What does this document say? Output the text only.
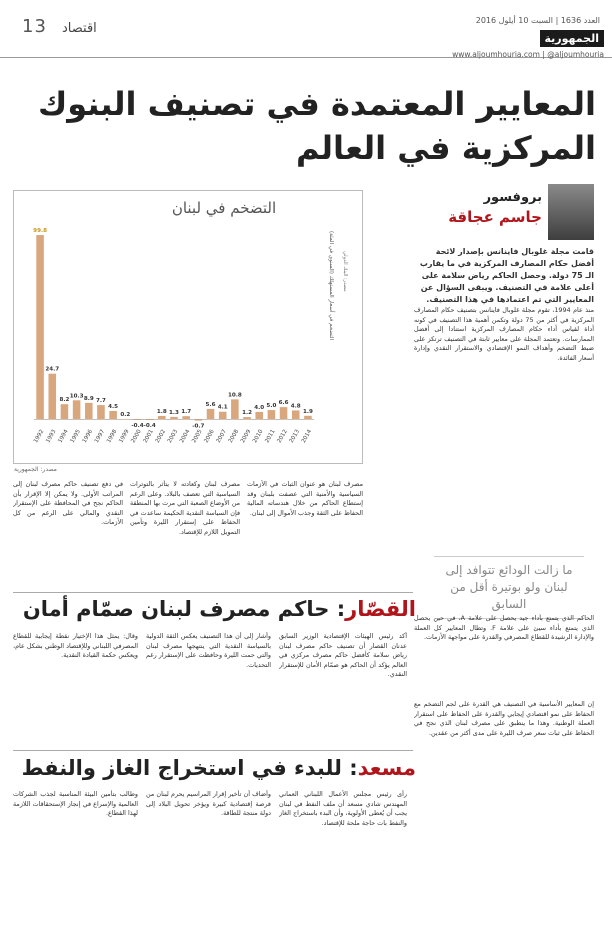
13 اقتصاد
العدد 1636 | السبت 10 أيلول 2016 الجمهورية
www.aljoumhouria.com | @aljoumhouria
المعايير المعتمدة في تصنيف البنوك المركزية في العالم
بروفسور
جاسم عجاقة

قامت مجلة غلوبال فاينانس بإصدار لائحة أفضل حكام المصارف المركزية في ما يقارب الـ 75 دولة. وحصل الحاكم رياض سلامة على أعلى علامة في التصنيف. ويبقى السؤال عن المعايير التي تم اعتمادها في هذا التصنيف.

منذ عام 1994، تقوم مجلة غلوبال فاينانس بتصنيف حكام المصارف المركزية في أكثر من 75 دولة وتكمن أهمية هذا التصنيف في كونه أداة لقياس أداء حكام المصارف المركزية استنادا إلى أفضل الممارسات. وتعتمد المجلة على معايير ثابتة في التصنيف ترتكز على ضبط التضخم وأهداف النمو الإقتصادي والاستقرار النقدي وإدارة أسعار الفائدة.

ما زالت الودائع تتوافد إلى لبنان ولو بوتيرة أقل من السابق

الحاكم الذي يتمتع بأداء جيد يحصل على علامة A، في حين يحصل الذي يتمتع بأداء سيئ على علامة F. وتطال المعايير كل العملة والإدارة الرشيدة للقطاع المصرفي والقدرة على مواجهة الأزمات.

إن المعايير الأساسية في التصنيف هي القدرة على لجم التضخم مع الحفاظ على نمو اقتصادي إيجابي والقدرة على الحفاظ على استقرار العملة الوطنية. وهذا ما ينطبق على مصرف لبنان الذي نجح في الحفاظ على ثبات سعر صرف الليرة على مدى أكثر من عقدين.

التضخم في لبنان
التضخم في أسعار المستهلك (السنوي في المئة)
99.8
1992
24.7
1993
8.2
1994
10.3
1995
8.9
1996
7.7
1997
4.5
1998
0.2
1999
-0.4
2000
-0.4
2001
1.8
2002
1.3
2003
1.7
2004
-0.7
2005
5.6
2006
4.1
2007
10.8
2008
1.2
2009
4.0
2010
5.0
2011
6.6
2012
4.8
2013
1.9
2014
مصدر: البنك الدولي
مصدر: الجمهورية

في دفع تصنيف حاكم مصرف لبنان إلى المراتب الأولى. ولا يمكن إلا الإقرار بأن الحاكم نجح في المحافظة على الإستقرار النقدي والمالي على الرغم من كل الأزمات.

مصرف لبنان وكعادته لا يتأثر بالتوترات السياسية التي تعصف بالبلاد. وعلى الرغم من الأوضاع الصعبة التي مرت بها المنطقة فإن السياسة النقدية الحكيمة ساعدت في الحفاظ على إستقرار الليرة وتأمين التمويل اللازم للإقتصاد.

مصرف لبنان هو عنوان الثبات في الأزمات السياسية والأمنية التي عصفت بلبنان وقد إستطاع الحاكم من خلال هندساته المالية الحفاظ على الثقة وجذب الأموال إلى لبنان.

القصّار: حاكم مصرف لبنان صمّام أمان

وقال: يمثل هذا الإختيار نقطة إيجابية للقطاع المصرفي اللبناني وللإقتصاد الوطني بشكل عام، ويعكس حكمة القيادة النقدية.

وأشار إلى أن هذا التصنيف يعكس الثقة الدولية بالسياسة النقدية التي ينتهجها مصرف لبنان والتي حمت الليرة وحافظت على الإستقرار رغم التحديات.

أكد رئيس الهيئات الإقتصادية الوزير السابق عدنان القصار أن تصنيف حاكم مصرف لبنان رياض سلامة كأفضل حاكم مصرف مركزي في العالم يؤكد أن الحاكم هو صمّام الأمان للإستقرار النقدي.

مسعد: للبدء في استخراج الغاز والنفط

وطالب بتأمين البيئة المناسبة لجذب الشركات العالمية والإسراع في إنجاز الإستحقاقات اللازمة لهذا القطاع.

وأضاف أن تأخير إقرار المراسيم يحرم لبنان من فرصة إقتصادية كبيرة ويؤخر تحويل البلاد إلى دولة منتجة للطاقة.

رأى رئيس مجلس الأعمال اللبناني العماني المهندس شادي مسعد أن ملف النفط في لبنان يجب أن يُعطى الأولوية، وأن البدء باستخراج الغاز والنفط بات حاجة ملحة للإقتصاد.
